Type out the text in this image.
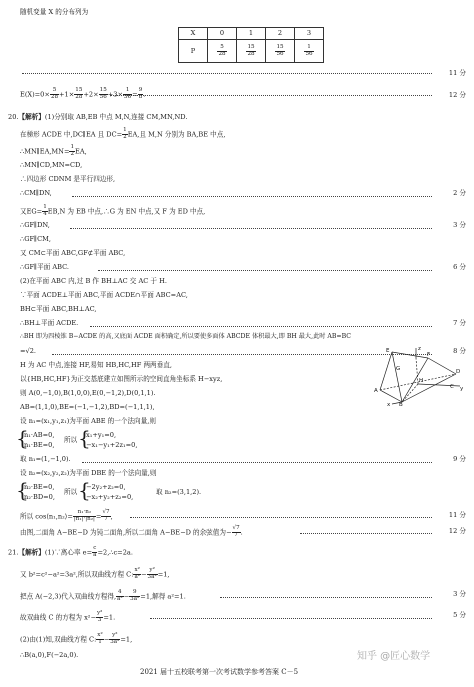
随机变量 X 的分布列为
X	0	1	2	3
P	$\frac{5}{28}$	$\frac{15}{28}$	$\frac{15}{56}$	$\frac{1}{56}$
11 分
$E(X)=0\times \frac{5}{28} +1\times \frac{15}{28} +2\times \frac{15}{56} +3\times \frac{1}{56} = \frac{9}{8}$ .	12 分
20.【解析】(1)分别取 AB,EB 中点 M,N,连接 CM,MN,ND.
在梯形 ACDE 中,DC∥EA 且 $DC= \frac{1}{2}$ EA,且 M,N 分别为 BA,BE 中点,
∴MN∥EA,MN= $\frac{1}{2}$ EA,
∴MN∥CD,MN=CD,
∴四边形 CDNM 是平行四边形,
∴CM∥DN,	2 分
又$EG= \frac{1}{4} EB,N$ 为 EB 中点,∴G 为 EN 中点,又 F 为 ED 中点,
∴GF∥DN,	3 分
∴GF∥CM,
又 CM⊂平面 ABC,GF⊄平面 ABC,
∴GF∥平面 ABC.	6 分
(2)在平面 ABC 内,过 B 作 BH⊥AC 交 AC 于 H.
∵平面 ACDE⊥平面 ABC,平面 ACDE∩平面 ABC=AC,
BH⊂平面 ABC,BH⊥AC,
∴BH⊥平面 ACDE.	7 分
∴BH 即为四棱锥 B−ACDE 的高,又底面 ACDE 面积确定,所以要使多面体 ABCDE 体积最大,即 BH 最大,此时 AB=BC
=√2.	8 分
H 为 AC 中点,连接 HF,易知 HB,HC,HF 两两垂直,
以{HB,HC,HF}为正交基底建立如图所示的空间直角坐标系 H−xyz,
则 A(0,−1,0),B(1,0,0),E(0,−1,2),D(0,1,1).
AB=(1,1,0),BE=(−1,−1,2),BD=(−1,1,1),
设 n₁=(x₁,y₁,z₁)为平面 ABE 的一个法向量,则
{
n₁·AB=0,
n₁·BE=0,
所以 {
x₁+y₁=0,
−x₁−y₁+2z₁=0,
取 n₁=(1,−1,0).	9 分
设 n₂=(x₂,y₂,z₂)为平面 DBE 的一个法向量,则
{
n₂·BE=0,
n₂·BD=0,
所以 {
−2y₂+z₂=0,
−x₂+y₂+z₂=0,
取 n₂=(3,1,2).
所以 cos⟨n₁,n₂⟩= $\frac{\text{n₁·n₂}}{\text{|n₁|·|n₂|}} = \frac{√7}{7}$ ,	11 分
由图,二面角 A−BE−D 为钝二面角,所以二面角 A−BE−D 的余弦值为− $\frac{√7}{7}$ .	12 分
E
D
F
G
A
B
C
H
x
y
z
21.【解析】(1)∵离心率 $e= \frac{c}{a}$ =2,∴c=2a.
又 b²=c²−a²=3a²,所以双曲线方程 C: $\frac{\text{x²}}{\text{a²}} - \frac{\text{y²}}{\text{3a²}} =1$,
把点 A(−2,3)代入双曲线方程得, $\frac{4}{\text{a²}} - \frac{9}{\text{3a²}} =1$,解得 a²=1.	3 分
故双曲线 C 的方程为 $x^2- \frac{\text{y²}}{3} =1$.	5 分
(2)由(1)知,双曲线方程 C: $\frac{\text{x²}}{1} - \frac{\text{y²}}{\text{3a²}} =1$,
∴B(a,0),F(−2a,0).	知乎 @匠心数学
2021 届十五校联考第一次考试数学参考答案 C－5
